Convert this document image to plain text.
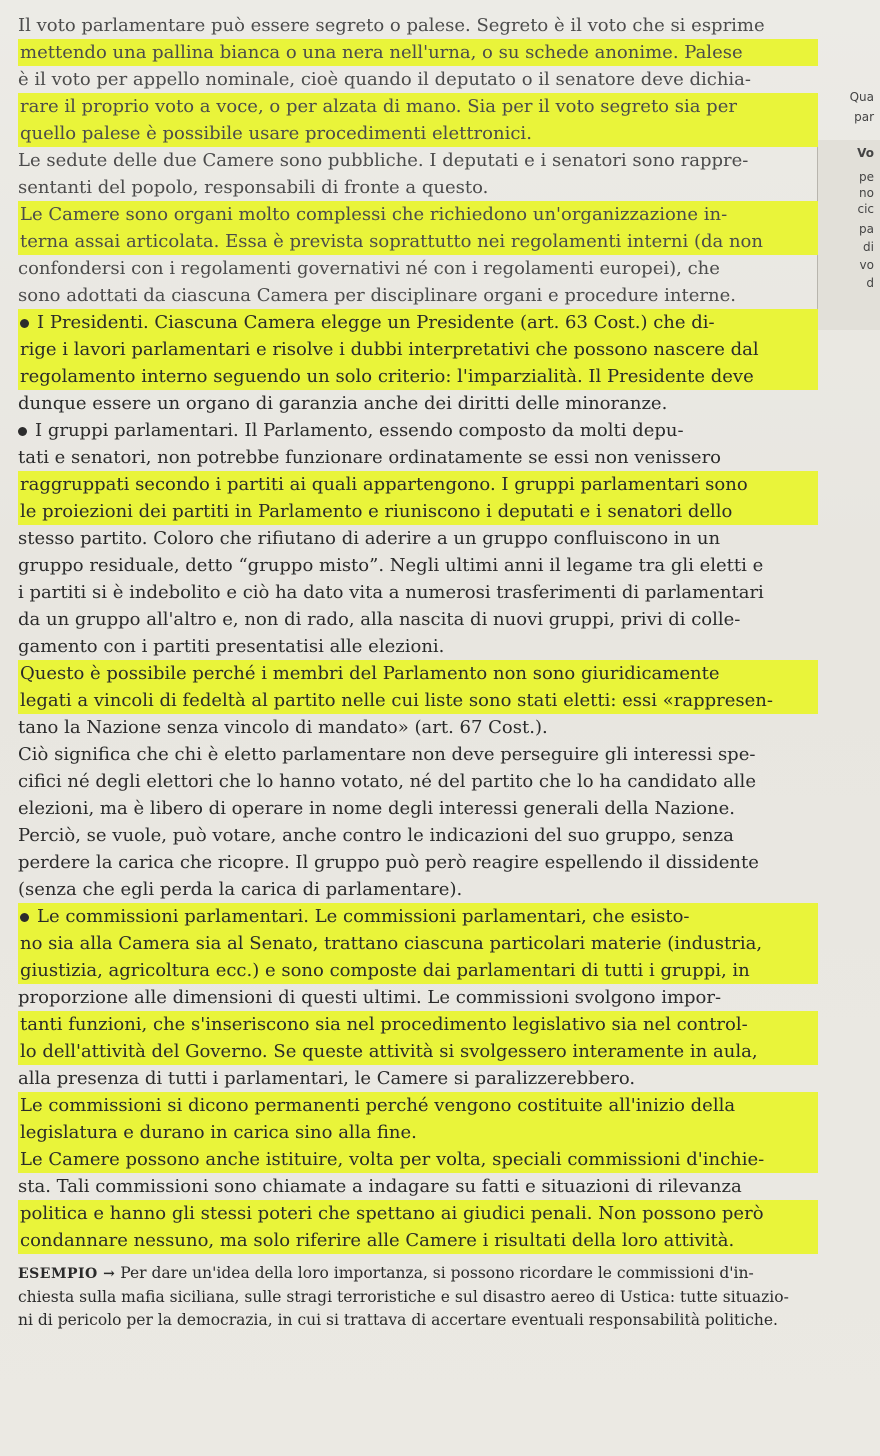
Qua
par
Vo
pe
no
cic
pa
di
vo
d
Il voto parlamentare può essere segreto o palese. Segreto è il voto che si esprime
mettendo una pallina bianca o una nera nell'urna, o su schede anonime. Palese
è il voto per appello nominale, cioè quando il deputato o il senatore deve dichia-
rare il proprio voto a voce, o per alzata di mano. Sia per il voto segreto sia per
quello palese è possibile usare procedimenti elettronici.
Le sedute delle due Camere sono pubbliche. I deputati e i senatori sono rappre-
sentanti del popolo, responsabili di fronte a questo.
Le Camere sono organi molto complessi che richiedono un'organizzazione in-
terna assai articolata. Essa è prevista soprattutto nei regolamenti interni (da non
confondersi con i regolamenti governativi né con i regolamenti europei), che
sono adottati da ciascuna Camera per disciplinare organi e procedure interne.
I Presidenti. Ciascuna Camera elegge un Presidente (art. 63 Cost.) che di-
rige i lavori parlamentari e risolve i dubbi interpretativi che possono nascere dal
regolamento interno seguendo un solo criterio: l'imparzialità. Il Presidente deve
dunque essere un organo di garanzia anche dei diritti delle minoranze.
I gruppi parlamentari. Il Parlamento, essendo composto da molti depu-
tati e senatori, non potrebbe funzionare ordinatamente se essi non venissero
raggruppati secondo i partiti ai quali appartengono. I gruppi parlamentari sono
le proiezioni dei partiti in Parlamento e riuniscono i deputati e i senatori dello
stesso partito. Coloro che rifiutano di aderire a un gruppo confluiscono in un
gruppo residuale, detto “gruppo misto”. Negli ultimi anni il legame tra gli eletti e
i partiti si è indebolito e ciò ha dato vita a numerosi trasferimenti di parlamentari
da un gruppo all'altro e, non di rado, alla nascita di nuovi gruppi, privi di colle-
gamento con i partiti presentatisi alle elezioni.
Questo è possibile perché i membri del Parlamento non sono giuridicamente
legati a vincoli di fedeltà al partito nelle cui liste sono stati eletti: essi «rappresen-
tano la Nazione senza vincolo di mandato» (art. 67 Cost.).
Ciò significa che chi è eletto parlamentare non deve perseguire gli interessi spe-
cifici né degli elettori che lo hanno votato, né del partito che lo ha candidato alle
elezioni, ma è libero di operare in nome degli interessi generali della Nazione.
Perciò, se vuole, può votare, anche contro le indicazioni del suo gruppo, senza
perdere la carica che ricopre. Il gruppo può però reagire espellendo il dissidente
(senza che egli perda la carica di parlamentare).
Le commissioni parlamentari. Le commissioni parlamentari, che esisto-
no sia alla Camera sia al Senato, trattano ciascuna particolari materie (industria,
giustizia, agricoltura ecc.) e sono composte dai parlamentari di tutti i gruppi, in
proporzione alle dimensioni di questi ultimi. Le commissioni svolgono impor-
tanti funzioni, che s'inseriscono sia nel procedimento legislativo sia nel control-
lo dell'attività del Governo. Se queste attività si svolgessero interamente in aula,
alla presenza di tutti i parlamentari, le Camere si paralizzerebbero.
Le commissioni si dicono permanenti perché vengono costituite all'inizio della
legislatura e durano in carica sino alla fine.
Le Camere possono anche istituire, volta per volta, speciali commissioni d'inchie-
sta. Tali commissioni sono chiamate a indagare su fatti e situazioni di rilevanza
politica e hanno gli stessi poteri che spettano ai giudici penali. Non possono però
condannare nessuno, ma solo riferire alle Camere i risultati della loro attività.
ESEMPIO → Per dare un'idea della loro importanza, si possono ricordare le commissioni d'in-
chiesta sulla mafia siciliana, sulle stragi terroristiche e sul disastro aereo di Ustica: tutte situazio-
ni di pericolo per la democrazia, in cui si trattava di accertare eventuali responsabilità politiche.
